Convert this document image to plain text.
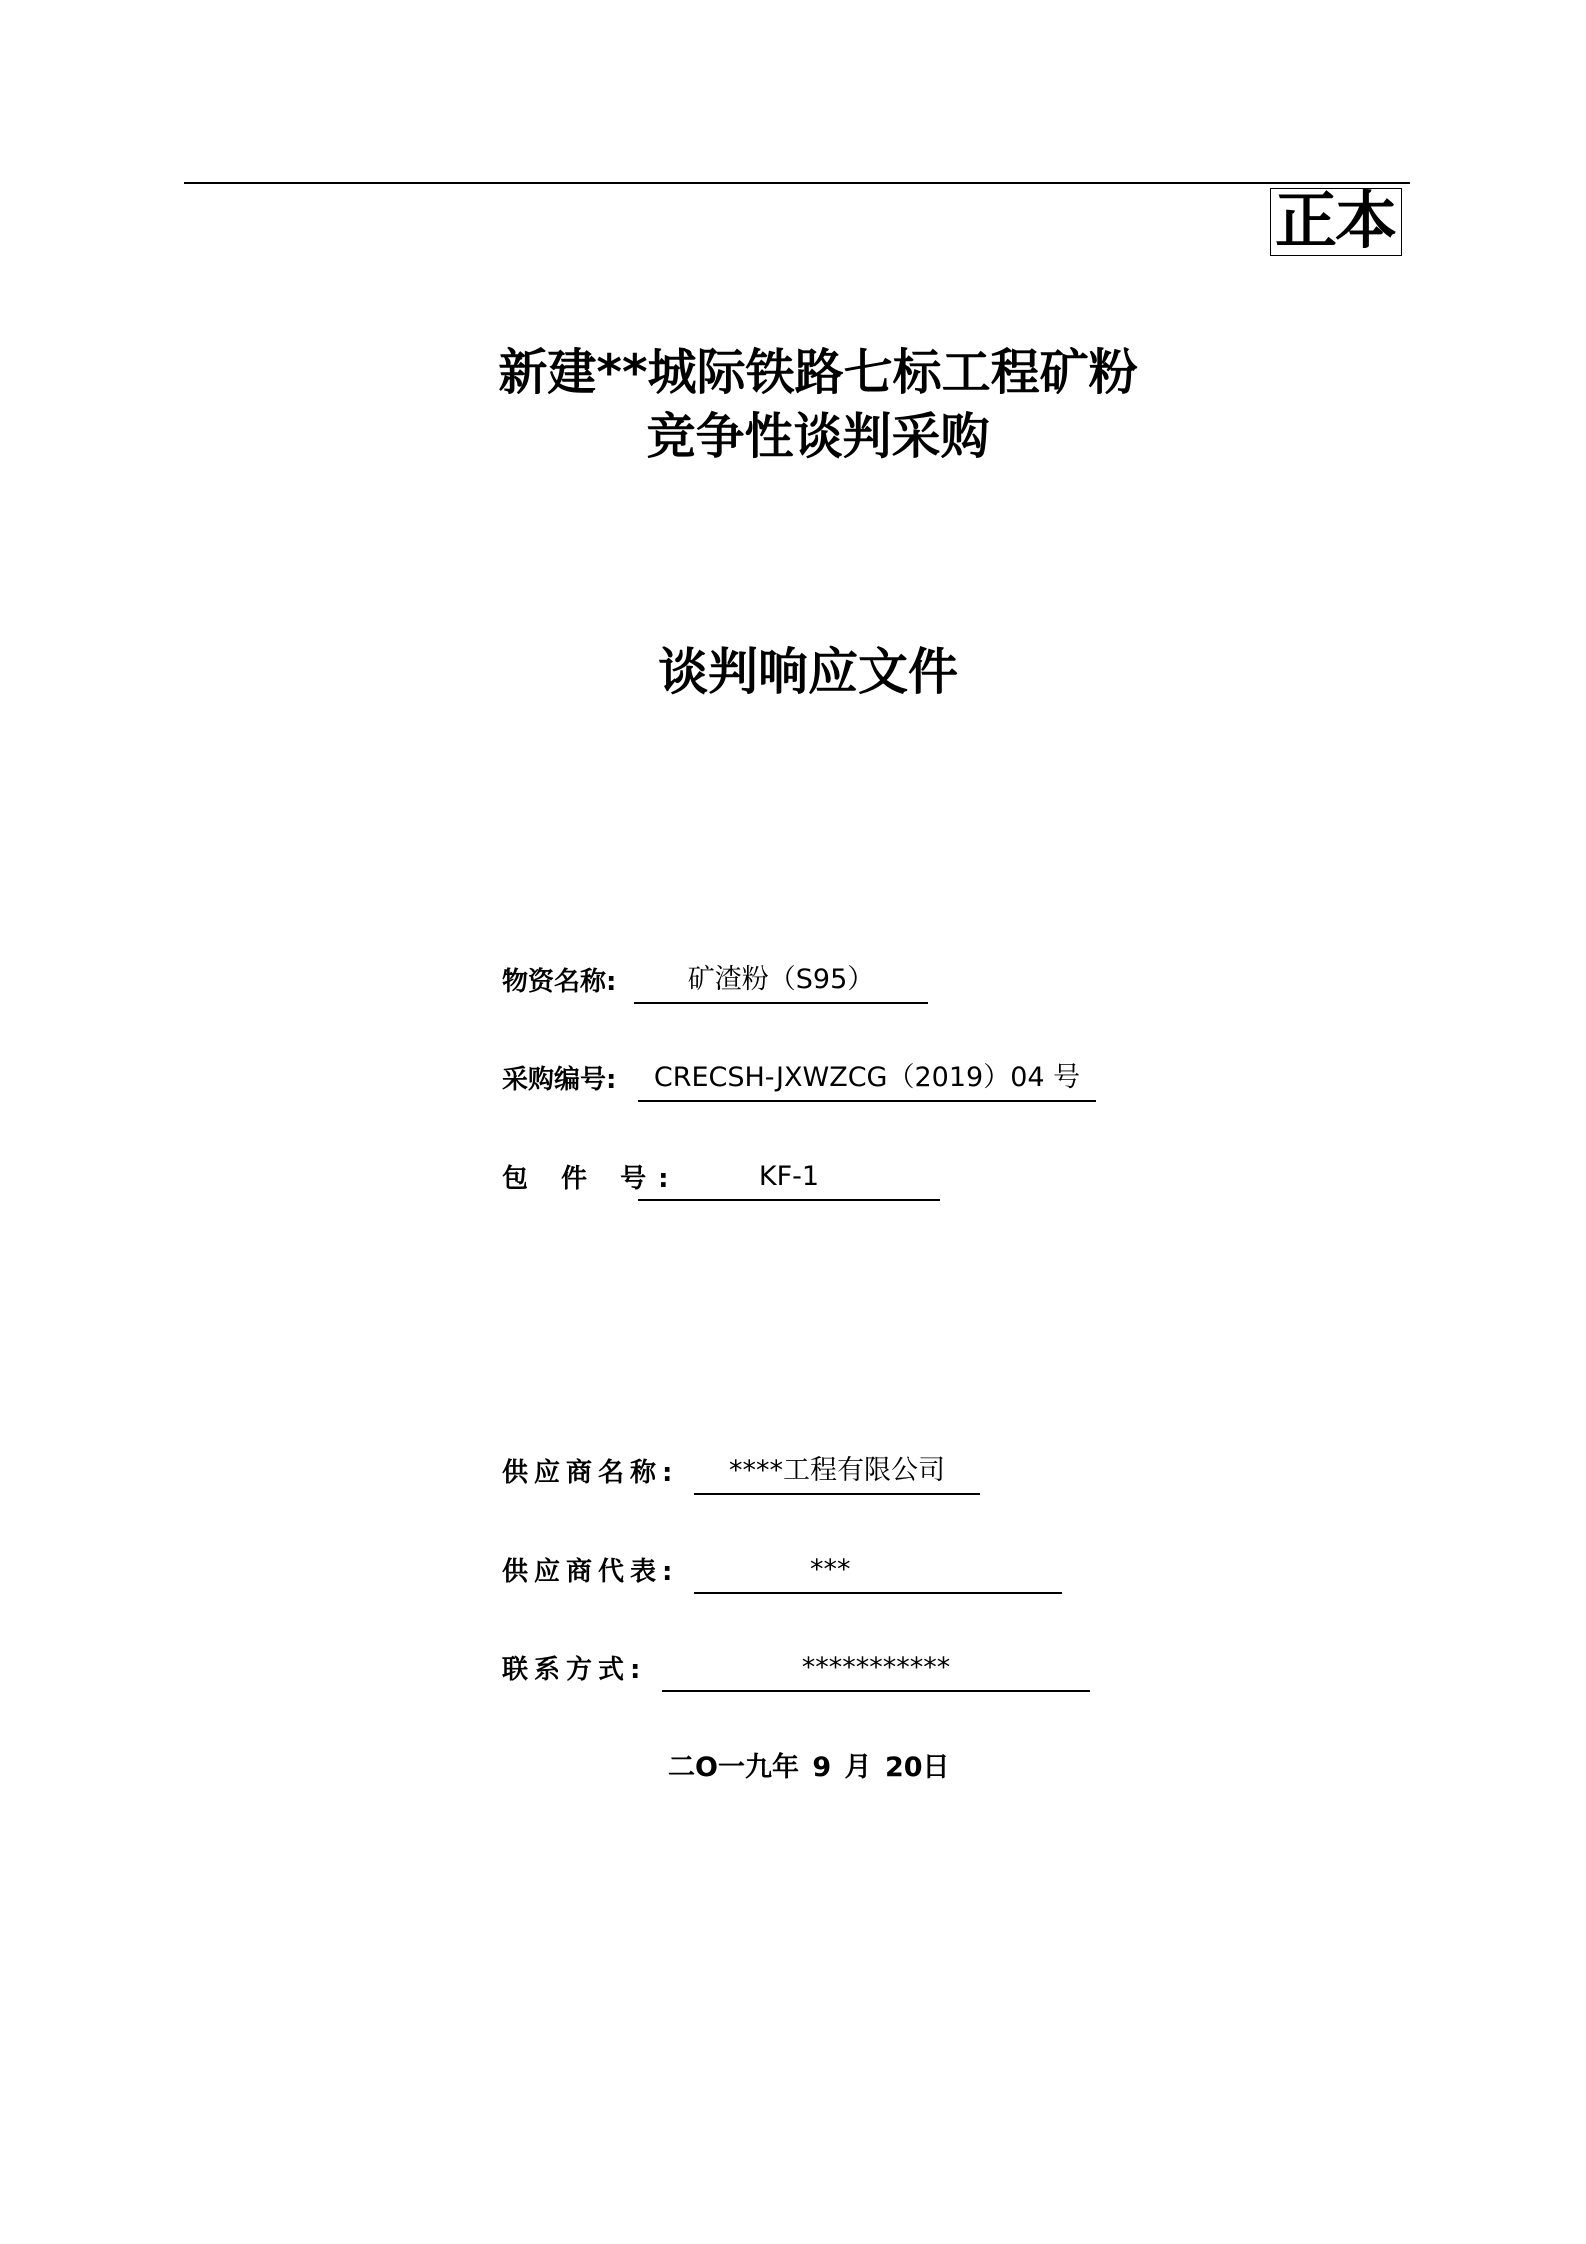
正本
新建**城际铁路七标工程矿粉
竞争性谈判采购
谈判响应文件
物资名称:	矿渣粉（S95）
采购编号:	CRECSH-JXWZCG（2019）04 号
包 件 号:	KF-1
供应商名称:	****工程有限公司
供应商代表:	***
联系方式:	***********
二O一九年 9 月 20日
